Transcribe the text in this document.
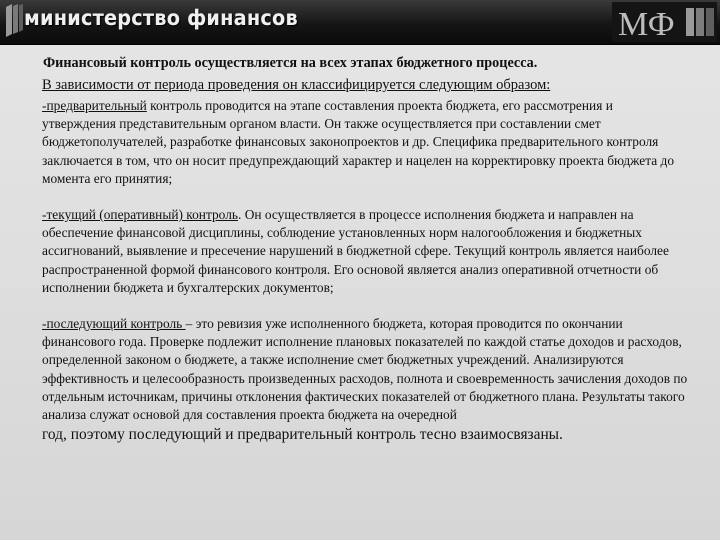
министерство финансов	МФ
Финансовый контроль осуществляется на всех этапах бюджетного процесса.
В зависимости от периода проведения он классифицируется следующим образом:
-предварительный контроль проводится на этапе составления проекта бюджета, его рассмотрения и утверждения представительным органом власти. Он также осуществляется при составлении смет бюджетополучателей, разработке финансовых законопроектов и др. Специфика предварительного контроля заключается в том, что он носит предупреждающий характер и нацелен на корректировку проекта бюджета до момента его принятия;
-текущий (оперативный) контроль. Он осуществляется в процессе исполнения бюджета и направлен на обеспечение финансовой дисциплины, соблюдение установленных норм налогообложения и бюджетных ассигнований, выявление и пресечение нарушений в бюджетной сфере. Текущий контроль является наиболее распространенной формой финансового контроля. Его основой является анализ оперативной отчетности об исполнении бюджета и бухгалтерских документов;
-последующий контроль – это ревизия уже исполненного бюджета, которая проводится по окончании финансового года. Проверке подлежит исполнение плановых показателей по каждой статье доходов и расходов, определенной законом о бюджете, а также исполнение смет бюджетных учреждений. Анализируются эффективность и целесообразность произведенных расходов, полнота и своевременность зачисления доходов по отдельным источникам, причины отклонения фактических показателей от бюджетного плана. Результаты такого анализа служат основой для составления проекта бюджета на очередной
год, поэтому последующий и предварительный контроль тесно взаимосвязаны.
